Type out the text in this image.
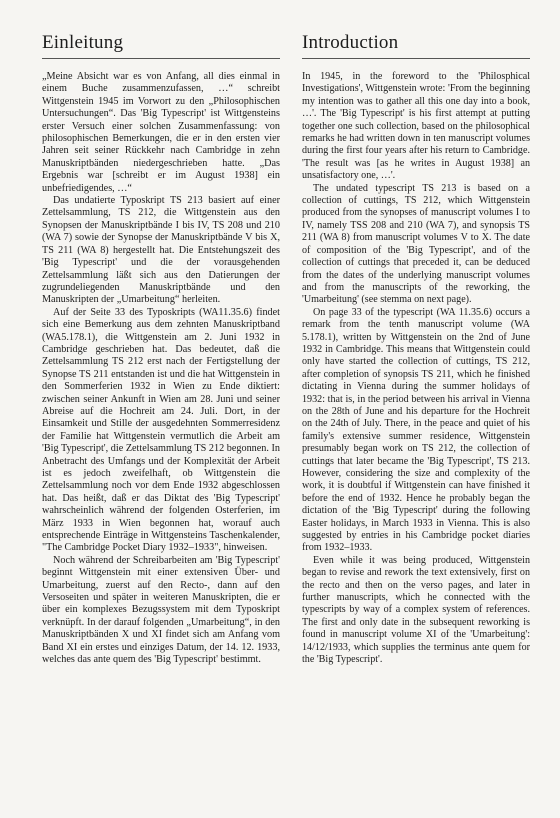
Einleitung

„Meine Absicht war es von Anfang, all dies einmal in einem Buche zusammenzufassen, …“ schreibt Wittgenstein 1945 im Vorwort zu den „Philosophischen Untersuchungen“. Das 'Big Typescript' ist Wittgensteins erster Versuch einer solchen Zusammenfassung: von philosophischen Bemerkungen, die er in den ersten vier Jahren seit seiner Rückkehr nach Cambridge in zehn Manuskriptbänden niedergeschrieben hatte. „Das Ergebnis war [schreibt er im August 1938] ein unbefriedigendes, …“

Das undatierte Typoskript TS 213 basiert auf einer Zettelsammlung, TS 212, die Wittgenstein aus den Synopsen der Manuskriptbände I bis IV, TS 208 und 210 (WA 7) sowie der Synopse der Manuskriptbände V bis X, TS 211 (WA 8) hergestellt hat. Die Entstehungszeit des 'Big Typescript' und die der vorausgehenden Zettelsammlung läßt sich aus den Datierungen der zugrundeliegenden Manuskriptbände und den Manuskripten der „Umarbeitung“ herleiten.

Auf der Seite 33 des Typoskripts (WA11.35.6) findet sich eine Bemerkung aus dem zehnten Manuskriptband (WA5.178.1), die Wittgenstein am 2. Juni 1932 in Cambridge geschrieben hat. Das bedeutet, daß die Zettelsammlung TS 212 erst nach der Fertigstellung der Synopse TS 211 entstanden ist und die hat Wittgenstein in den Sommerferien 1932 in Wien zu Ende diktiert: zwischen seiner Ankunft in Wien am 28. Juni und seiner Abreise auf die Hochreit am 24. Juli. Dort, in der Einsamkeit und Stille der ausgedehnten Sommerresidenz der Familie hat Wittgenstein vermutlich die Arbeit am 'Big Typescript', die Zettelsammlung TS 212 begonnen. In Anbetracht des Umfangs und der Komplexität der Arbeit ist es jedoch zweifelhaft, ob Wittgenstein die Zettelsammlung noch vor dem Ende 1932 abgeschlossen hat. Das heißt, daß er das Diktat des 'Big Typescript' wahrscheinlich während der folgenden Osterferien, im März 1933 in Wien begonnen hat, worauf auch entsprechende Einträge in Wittgensteins Taschenkalender, "The Cambridge Pocket Diary 1932–1933", hinweisen.

Noch während der Schreibarbeiten am 'Big Typescript' beginnt Wittgenstein mit einer extensiven Über- und Umarbeitung, zuerst auf den Recto-, dann auf den Versoseiten und später in weiteren Manuskripten, die er über ein komplexes Bezugssystem mit dem Typoskript verknüpft. In der darauf folgenden „Umarbeitung“, in den Manuskriptbänden X und XI findet sich am Anfang vom Band XI ein erstes und einziges Datum, der 14. 12. 1933, welches das ante quem des 'Big Typescript' bestimmt.

Introduction

In 1945, in the foreword to the 'Philosphical Investigations', Wittgenstein wrote: 'From the beginning my intention was to gather all this one day into a book, …'. The 'Big Typescript' is his first attempt at putting together one such collection, based on the philosophical remarks he had written down in ten manuscript volumes during the first four years after his return to Cambridge. 'The result was [as he writes in August 1938] an unsatisfactory one, …'.

The undated typescript TS 213 is based on a collection of cuttings, TS 212, which Wittgenstein produced from the synopses of manuscript volumes I to IV, namely TSS 208 and 210 (WA 7), and synopsis TS 211 (WA 8) from manuscript volumes V to X. The date of composition of the 'Big Typescript', and of the collection of cuttings that preceded it, can be deduced from the dates of the underlying manuscript volumes and from the manuscripts of the reworking, the 'Umarbeitung' (see stemma on next page).

On page 33 of the typescript (WA 11.35.6) occurs a remark from the tenth manuscript volume (WA 5.178.1), written by Wittgenstein on the 2nd of June 1932 in Cambridge. This means that Wittgenstein could only have started the collection of cuttings, TS 212, after completion of synopsis TS 211, which he finished dictating in Vienna during the summer holidays of 1932: that is, in the period between his arrival in Vienna on the 28th of June and his departure for the Hochreit on the 24th of July. There, in the peace and quiet of his family's extensive summer residence, Wittgenstein presumably began work on TS 212, the collection of cuttings that later became the 'Big Typescript', TS 213. However, considering the size and complexity of the work, it is doubtful if Wittgenstein can have finished it before the end of 1932. Hence he probably began the dictation of the 'Big Typescript' during the following Easter holidays, in March 1933 in Vienna. This is also suggested by entries in his Cambridge pocket diaries from 1932–1933.

Even while it was being produced, Wittgenstein began to revise and rework the text extensively, first on the recto and then on the verso pages, and later in further manuscripts, which he connected with the typescripts by way of a complex system of references. The first and only date in the subsequent reworking is found in manuscript volume XI of the 'Umarbeitung': 14/12/1933, which supplies the terminus ante quem for the 'Big Typescript'.
